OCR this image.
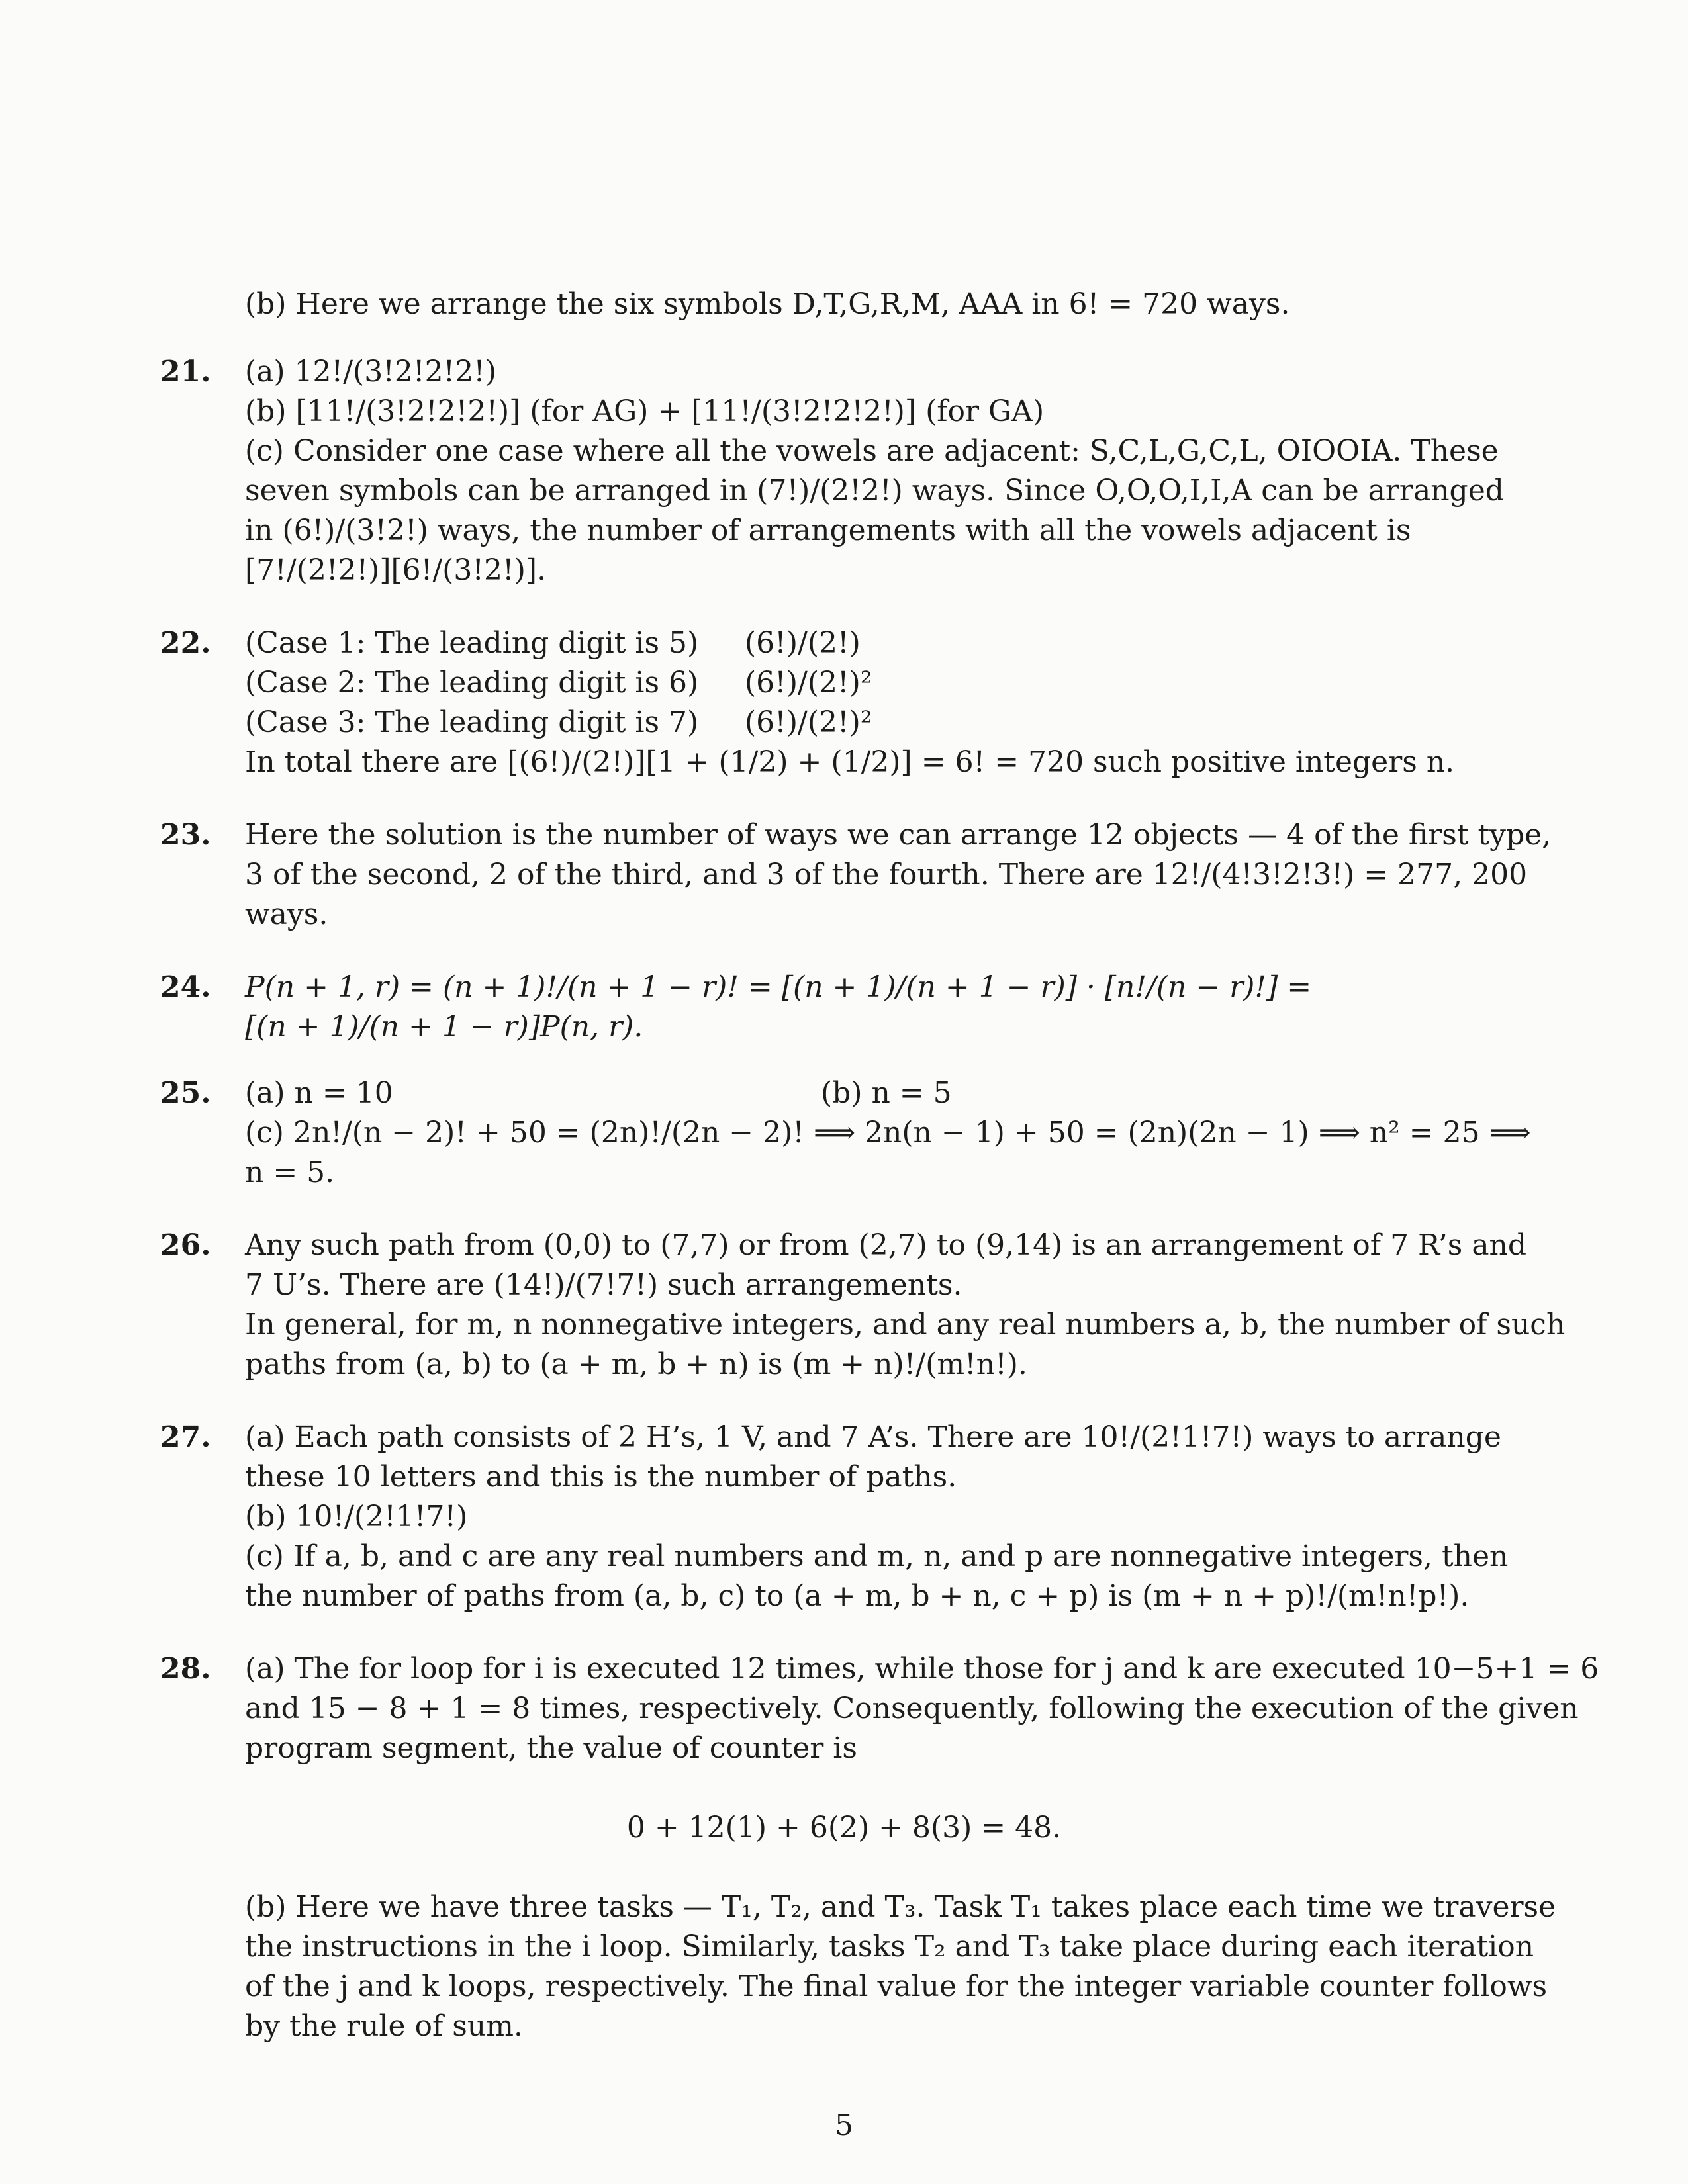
(b) Here we arrange the six symbols D,T,G,R,M, AAA in 6! = 720 ways.
21. (a) 12!/(3!2!2!2!)
(b) [11!/(3!2!2!2!)] (for AG) + [11!/(3!2!2!2!)] (for GA)
(c) Consider one case where all the vowels are adjacent: S,C,L,G,C,L, OIOOIA. These
seven symbols can be arranged in (7!)/(2!2!) ways. Since O,O,O,I,I,A can be arranged
in (6!)/(3!2!) ways, the number of arrangements with all the vowels adjacent is
[7!/(2!2!)][6!/(3!2!)].
22. (Case 1: The leading digit is 5) (6!)/(2!)
(Case 2: The leading digit is 6) (6!)/(2!)²
(Case 3: The leading digit is 7) (6!)/(2!)²
In total there are [(6!)/(2!)][1 + (1/2) + (1/2)] = 6! = 720 such positive integers n.
23. Here the solution is the number of ways we can arrange 12 objects — 4 of the first type,
3 of the second, 2 of the third, and 3 of the fourth. There are 12!/(4!3!2!3!) = 277, 200
ways.
24. P(n + 1, r) = (n + 1)!/(n + 1 − r)! = [(n + 1)/(n + 1 − r)] · [n!/(n − r)!] =
[(n + 1)/(n + 1 − r)]P(n, r).
25. (a) n = 10	(b) n = 5
(c) 2n!/(n − 2)! + 50 = (2n)!/(2n − 2)! ⟹ 2n(n − 1) + 50 = (2n)(2n − 1) ⟹ n² = 25 ⟹
n = 5.
26. Any such path from (0,0) to (7,7) or from (2,7) to (9,14) is an arrangement of 7 R’s and
7 U’s. There are (14!)/(7!7!) such arrangements.
In general, for m, n nonnegative integers, and any real numbers a, b, the number of such
paths from (a, b) to (a + m, b + n) is (m + n)!/(m!n!).
27. (a) Each path consists of 2 H’s, 1 V, and 7 A’s. There are 10!/(2!1!7!) ways to arrange
these 10 letters and this is the number of paths.
(b) 10!/(2!1!7!)
(c) If a, b, and c are any real numbers and m, n, and p are nonnegative integers, then
the number of paths from (a, b, c) to (a + m, b + n, c + p) is (m + n + p)!/(m!n!p!).
28. (a) The for loop for i is executed 12 times, while those for j and k are executed 10−5+1 = 6
and 15 − 8 + 1 = 8 times, respectively. Consequently, following the execution of the given
program segment, the value of counter is
0 + 12(1) + 6(2) + 8(3) = 48.
(b) Here we have three tasks — T₁, T₂, and T₃. Task T₁ takes place each time we traverse
the instructions in the i loop. Similarly, tasks T₂ and T₃ take place during each iteration
of the j and k loops, respectively. The final value for the integer variable counter follows
by the rule of sum.
5
